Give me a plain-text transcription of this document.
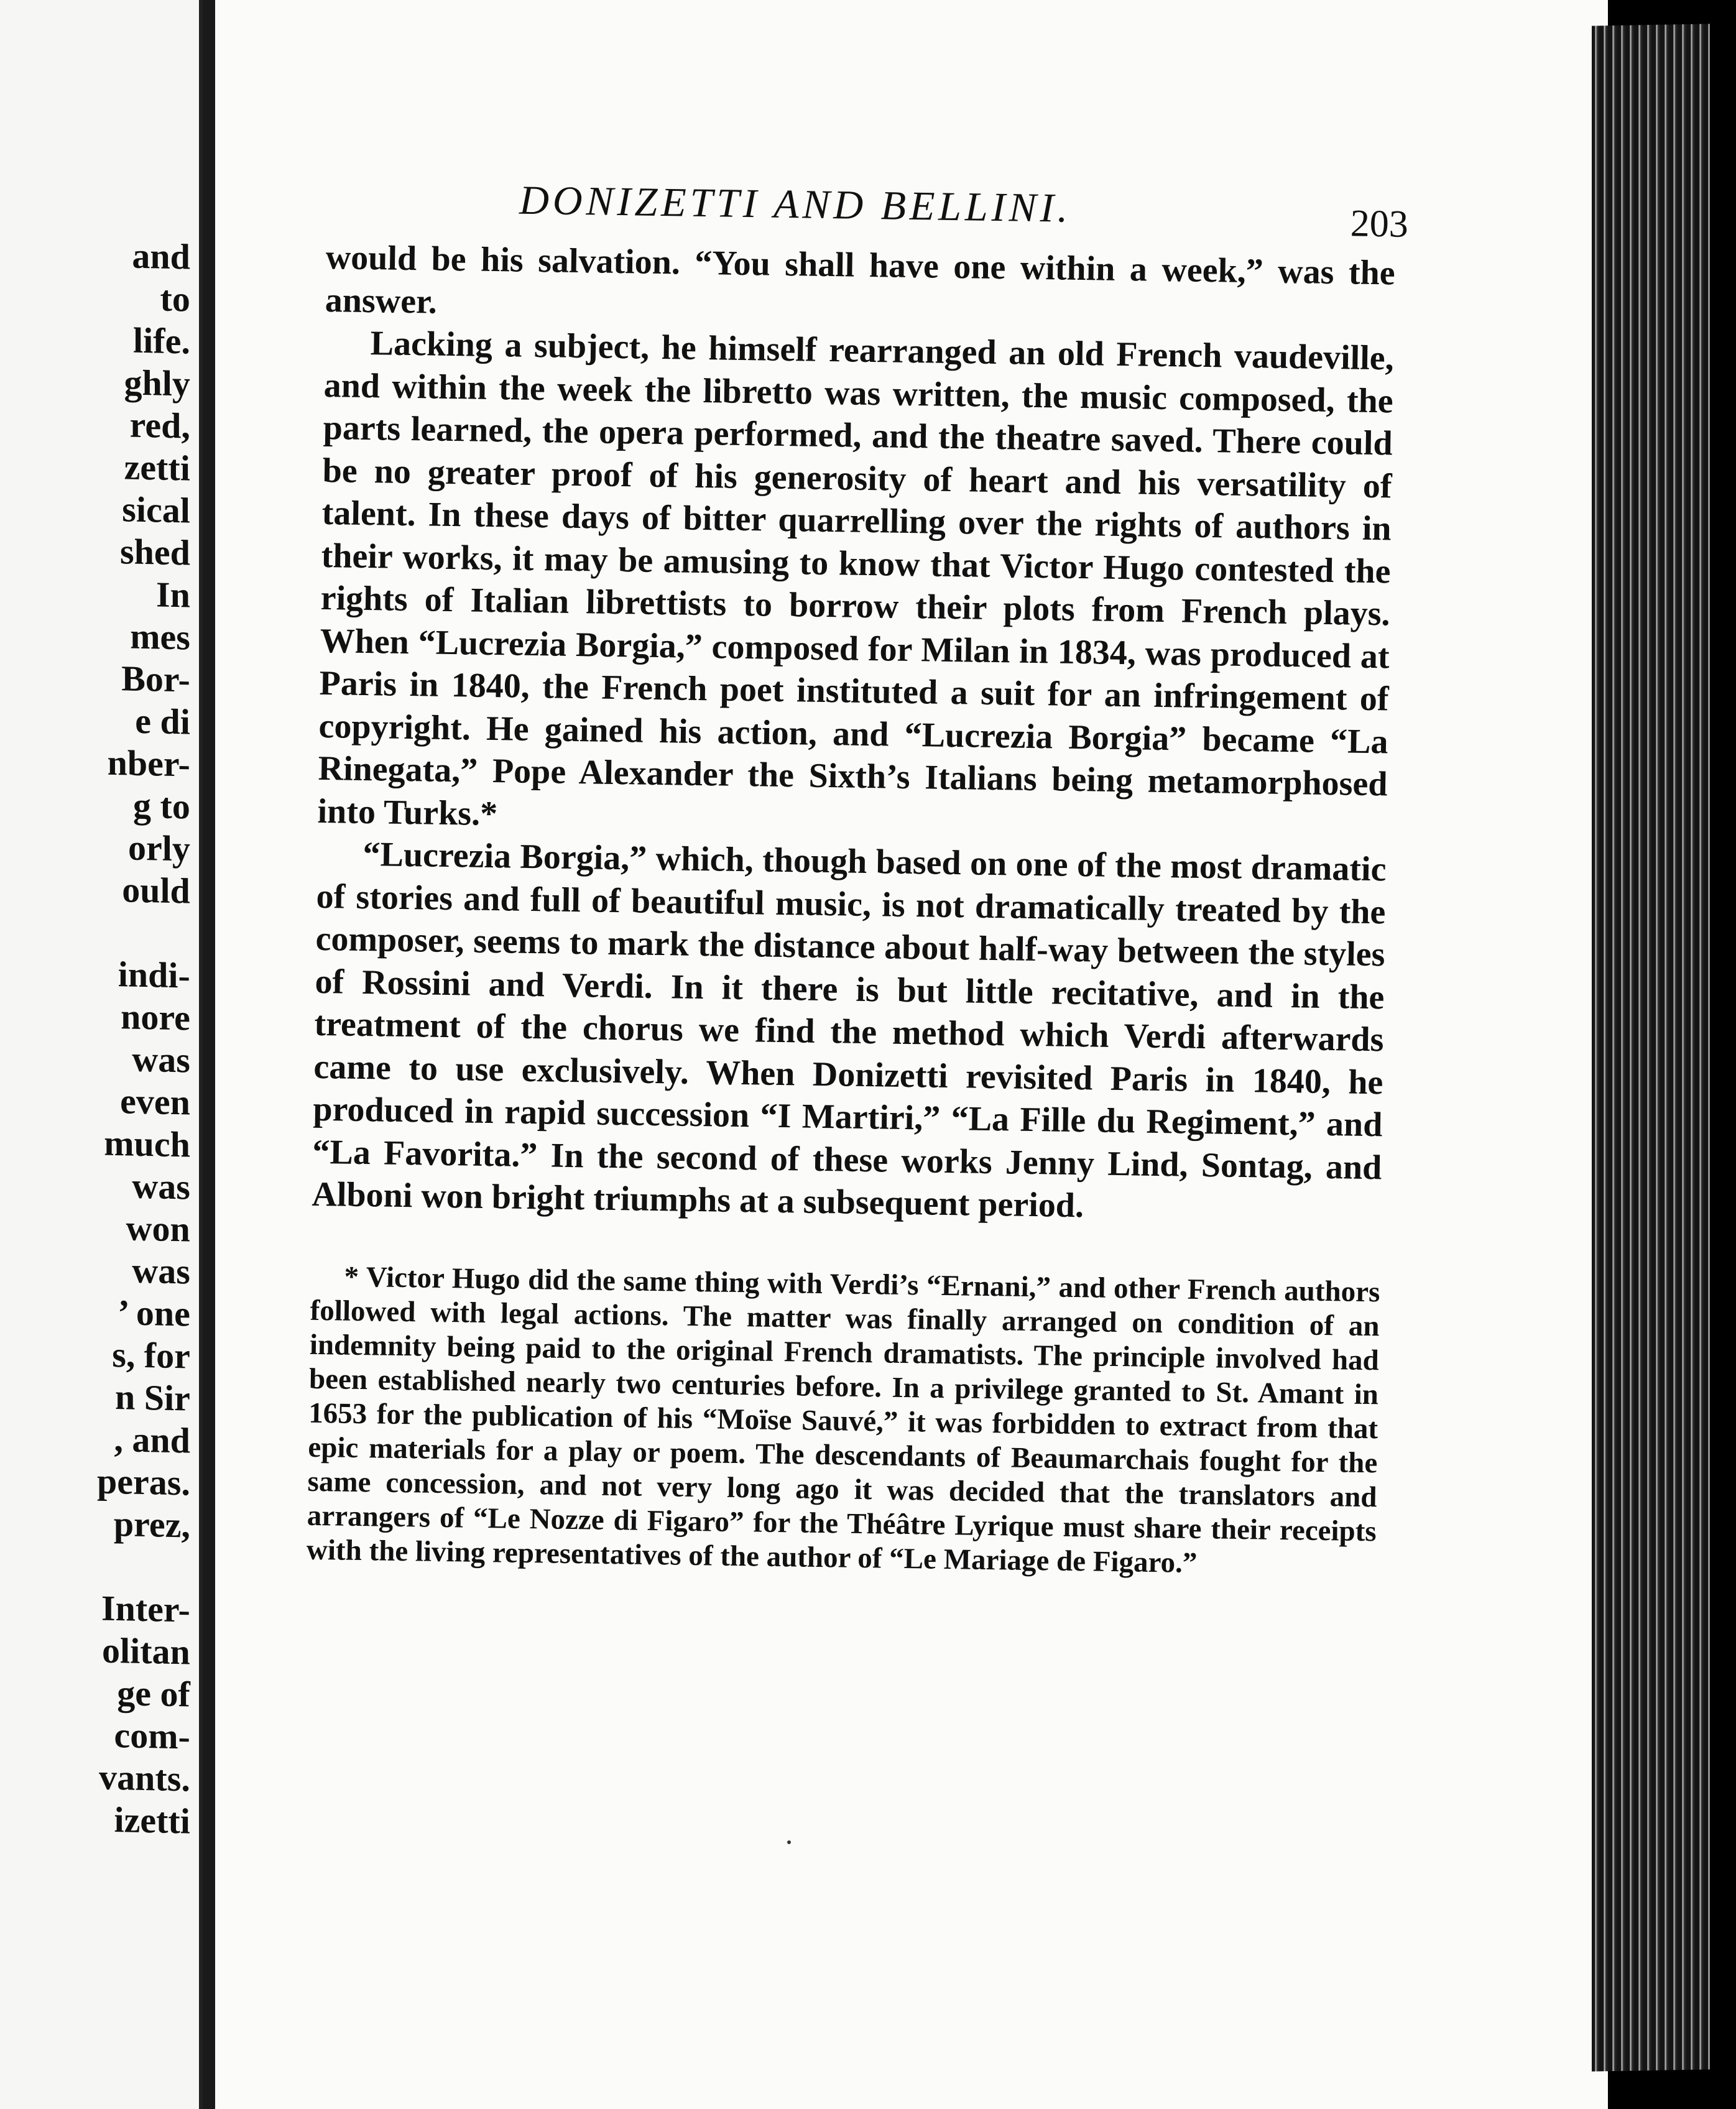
and
to
life.
ghly
red,
zetti
sical
shed
In
mes
Bor-
e di
nber-
g to
orly
ould

indi-
nore
was
even
much
was
won
was
’ one
s, for
n Sir
, and
peras.
prez,

Inter-
olitan
ge of
com-
vants.
izetti
DONIZETTI AND BELLINI.	203

would be his salvation. “You shall have one within a week,” was the answer.

Lacking a subject, he himself rearranged an old French vaudeville, and within the week the libretto was written, the music composed, the parts learned, the opera performed, and the theatre saved. There could be no greater proof of his generosity of heart and his versatility of talent. In these days of bitter quarrelling over the rights of authors in their works, it may be amusing to know that Victor Hugo contested the rights of Italian librettists to borrow their plots from French plays. When “Lucrezia Borgia,” composed for Milan in 1834, was produced at Paris in 1840, the French poet instituted a suit for an infringement of copyright. He gained his action, and “Lucrezia Borgia” became “La Rinegata,” Pope Alexander the Sixth’s Italians being metamorphosed into Turks.*

“Lucrezia Borgia,” which, though based on one of the most dramatic of stories and full of beautiful music, is not dramatically treated by the composer, seems to mark the distance about half-way between the styles of Rossini and Verdi. In it there is but little recitative, and in the treatment of the chorus we find the method which Verdi afterwards came to use exclusively. When Donizetti revisited Paris in 1840, he produced in rapid succession “I Martiri,” “La Fille du Regiment,” and “La Favorita.” In the second of these works Jenny Lind, Sontag, and Alboni won bright triumphs at a subsequent period.

* Victor Hugo did the same thing with Verdi’s “Ernani,” and other French authors followed with legal actions. The matter was finally arranged on condition of an indemnity being paid to the original French dramatists. The principle involved had been established nearly two centuries before. In a privilege granted to St. Amant in 1653 for the publication of his “Moïse Sauvé,” it was forbidden to extract from that epic materials for a play or poem. The descendants of Beaumarchais fought for the same concession, and not very long ago it was decided that the translators and arrangers of “Le Nozze di Figaro” for the Théâtre Lyrique must share their receipts with the living representatives of the author of “Le Mariage de Figaro.”
